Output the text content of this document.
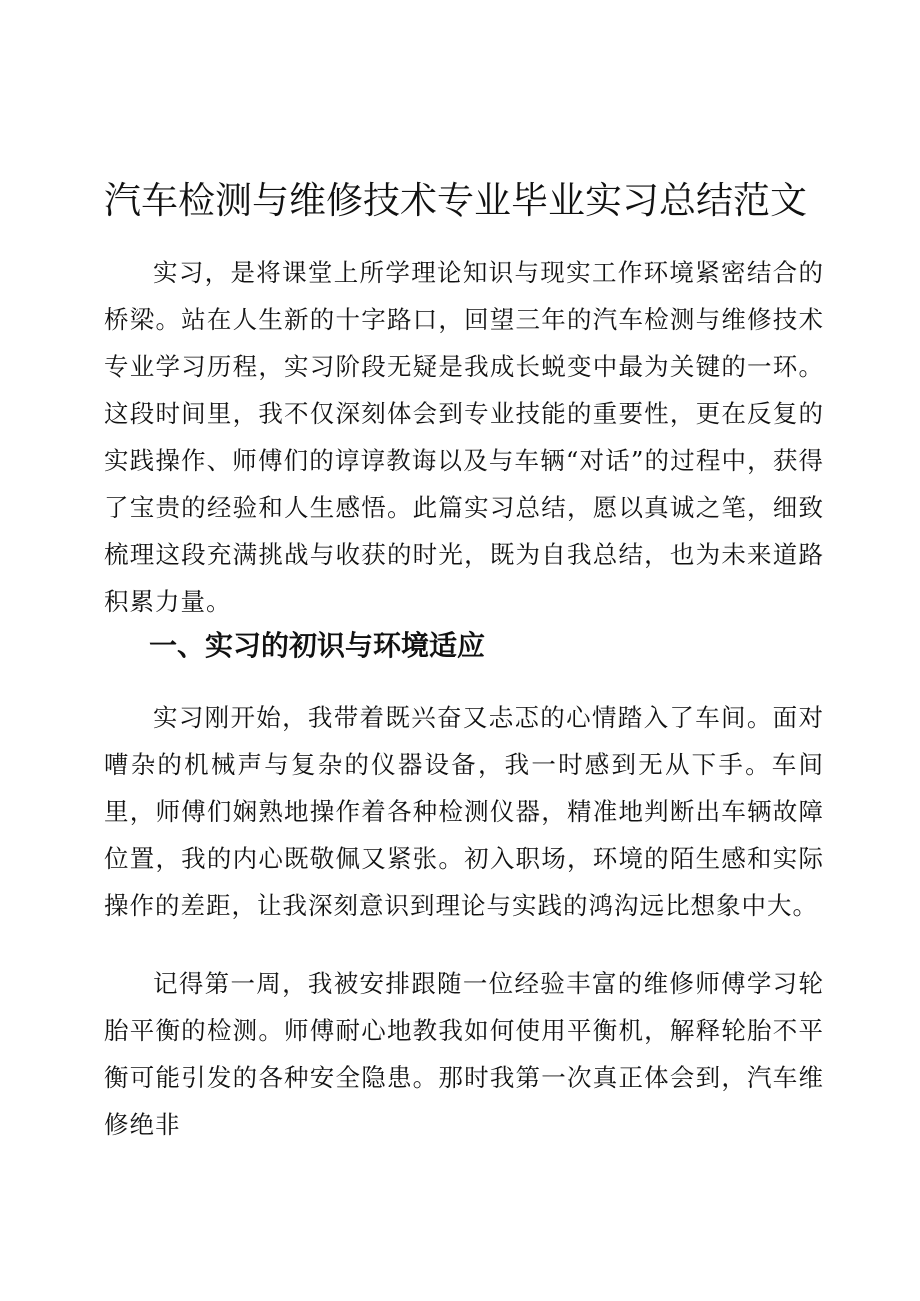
汽车检测与维修技术专业毕业实习总结范文

实习，是将课堂上所学理论知识与现实工作环境紧密结合的桥梁。站在人生新的十字路口，回望三年的汽车检测与维修技术专业学习历程，实习阶段无疑是我成长蜕变中最为关键的一环。这段时间里，我不仅深刻体会到专业技能的重要性，更在反复的实践操作、师傅们的谆谆教诲以及与车辆“对话”的过程中，获得了宝贵的经验和人生感悟。此篇实习总结，愿以真诚之笔，细致梳理这段充满挑战与收获的时光，既为自我总结，也为未来道路积累力量。

一、实习的初识与环境适应

实习刚开始，我带着既兴奋又忐忑的心情踏入了车间。面对嘈杂的机械声与复杂的仪器设备，我一时感到无从下手。车间里，师傅们娴熟地操作着各种检测仪器，精准地判断出车辆故障位置，我的内心既敬佩又紧张。初入职场，环境的陌生感和实际操作的差距，让我深刻意识到理论与实践的鸿沟远比想象中大。

记得第一周，我被安排跟随一位经验丰富的维修师傅学习轮胎平衡的检测。师傅耐心地教我如何使用平衡机，解释轮胎不平衡可能引发的各种安全隐患。那时我第一次真正体会到，汽车维修绝非
